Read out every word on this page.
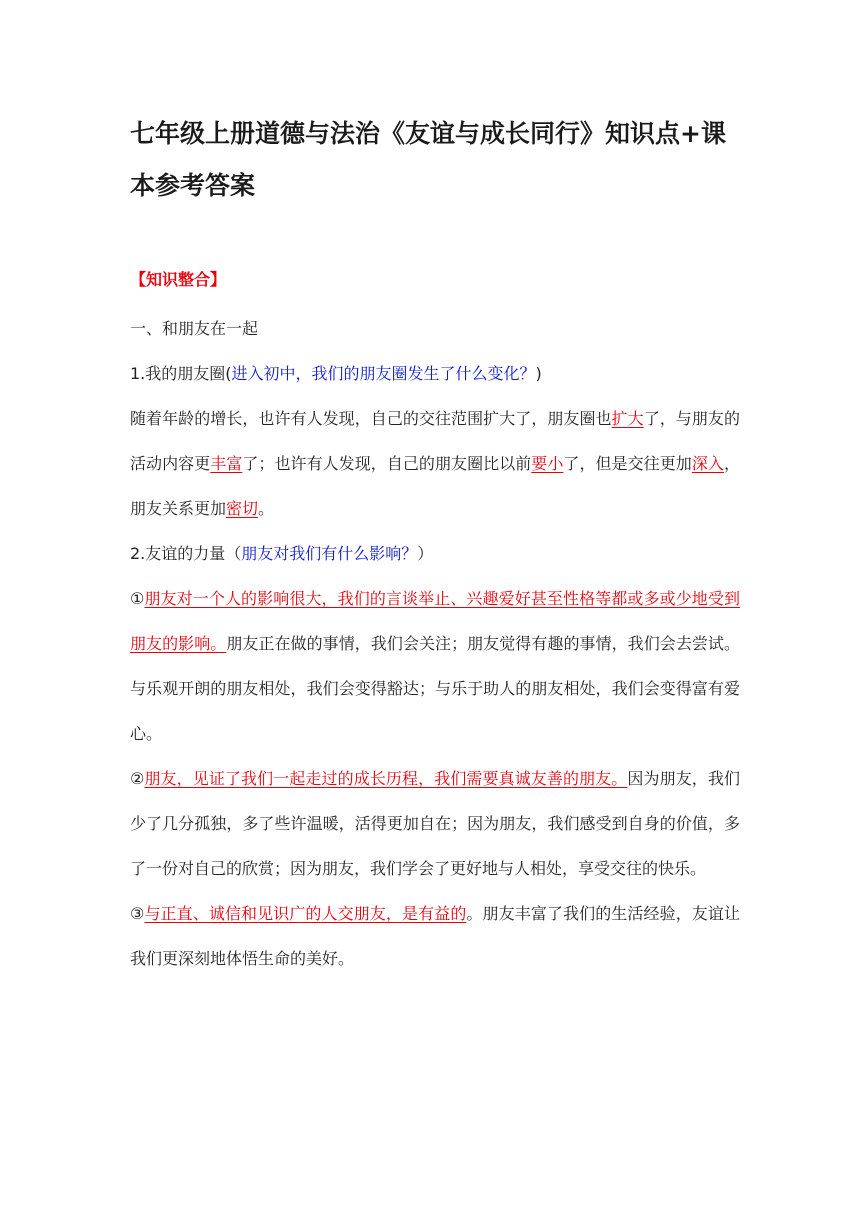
七年级上册道德与法治《友谊与成长同行》知识点+课本参考答案
【知识整合】

一、和朋友在一起

1.我的朋友圈(进入初中，我们的朋友圈发生了什么变化？)

随着年龄的增长，也许有人发现，自己的交往范围扩大了，朋友圈也扩大了，与朋友的活动内容更丰富了；也许有人发现，自己的朋友圈比以前要小了，但是交往更加深入，朋友关系更加密切。

2.友谊的力量（朋友对我们有什么影响？）

①朋友对一个人的影响很大，我们的言谈举止、兴趣爱好甚至性格等都或多或少地受到朋友的影响。朋友正在做的事情，我们会关注；朋友觉得有趣的事情，我们会去尝试。与乐观开朗的朋友相处，我们会变得豁达；与乐于助人的朋友相处，我们会变得富有爱心。

②朋友，见证了我们一起走过的成长历程，我们需要真诚友善的朋友。因为朋友，我们少了几分孤独，多了些许温暖，活得更加自在；因为朋友，我们感受到自身的价值，多了一份对自己的欣赏；因为朋友，我们学会了更好地与人相处，享受交往的快乐。

③与正直、诚信和见识广的人交朋友，是有益的。朋友丰富了我们的生活经验，友谊让我们更深刻地体悟生命的美好。
